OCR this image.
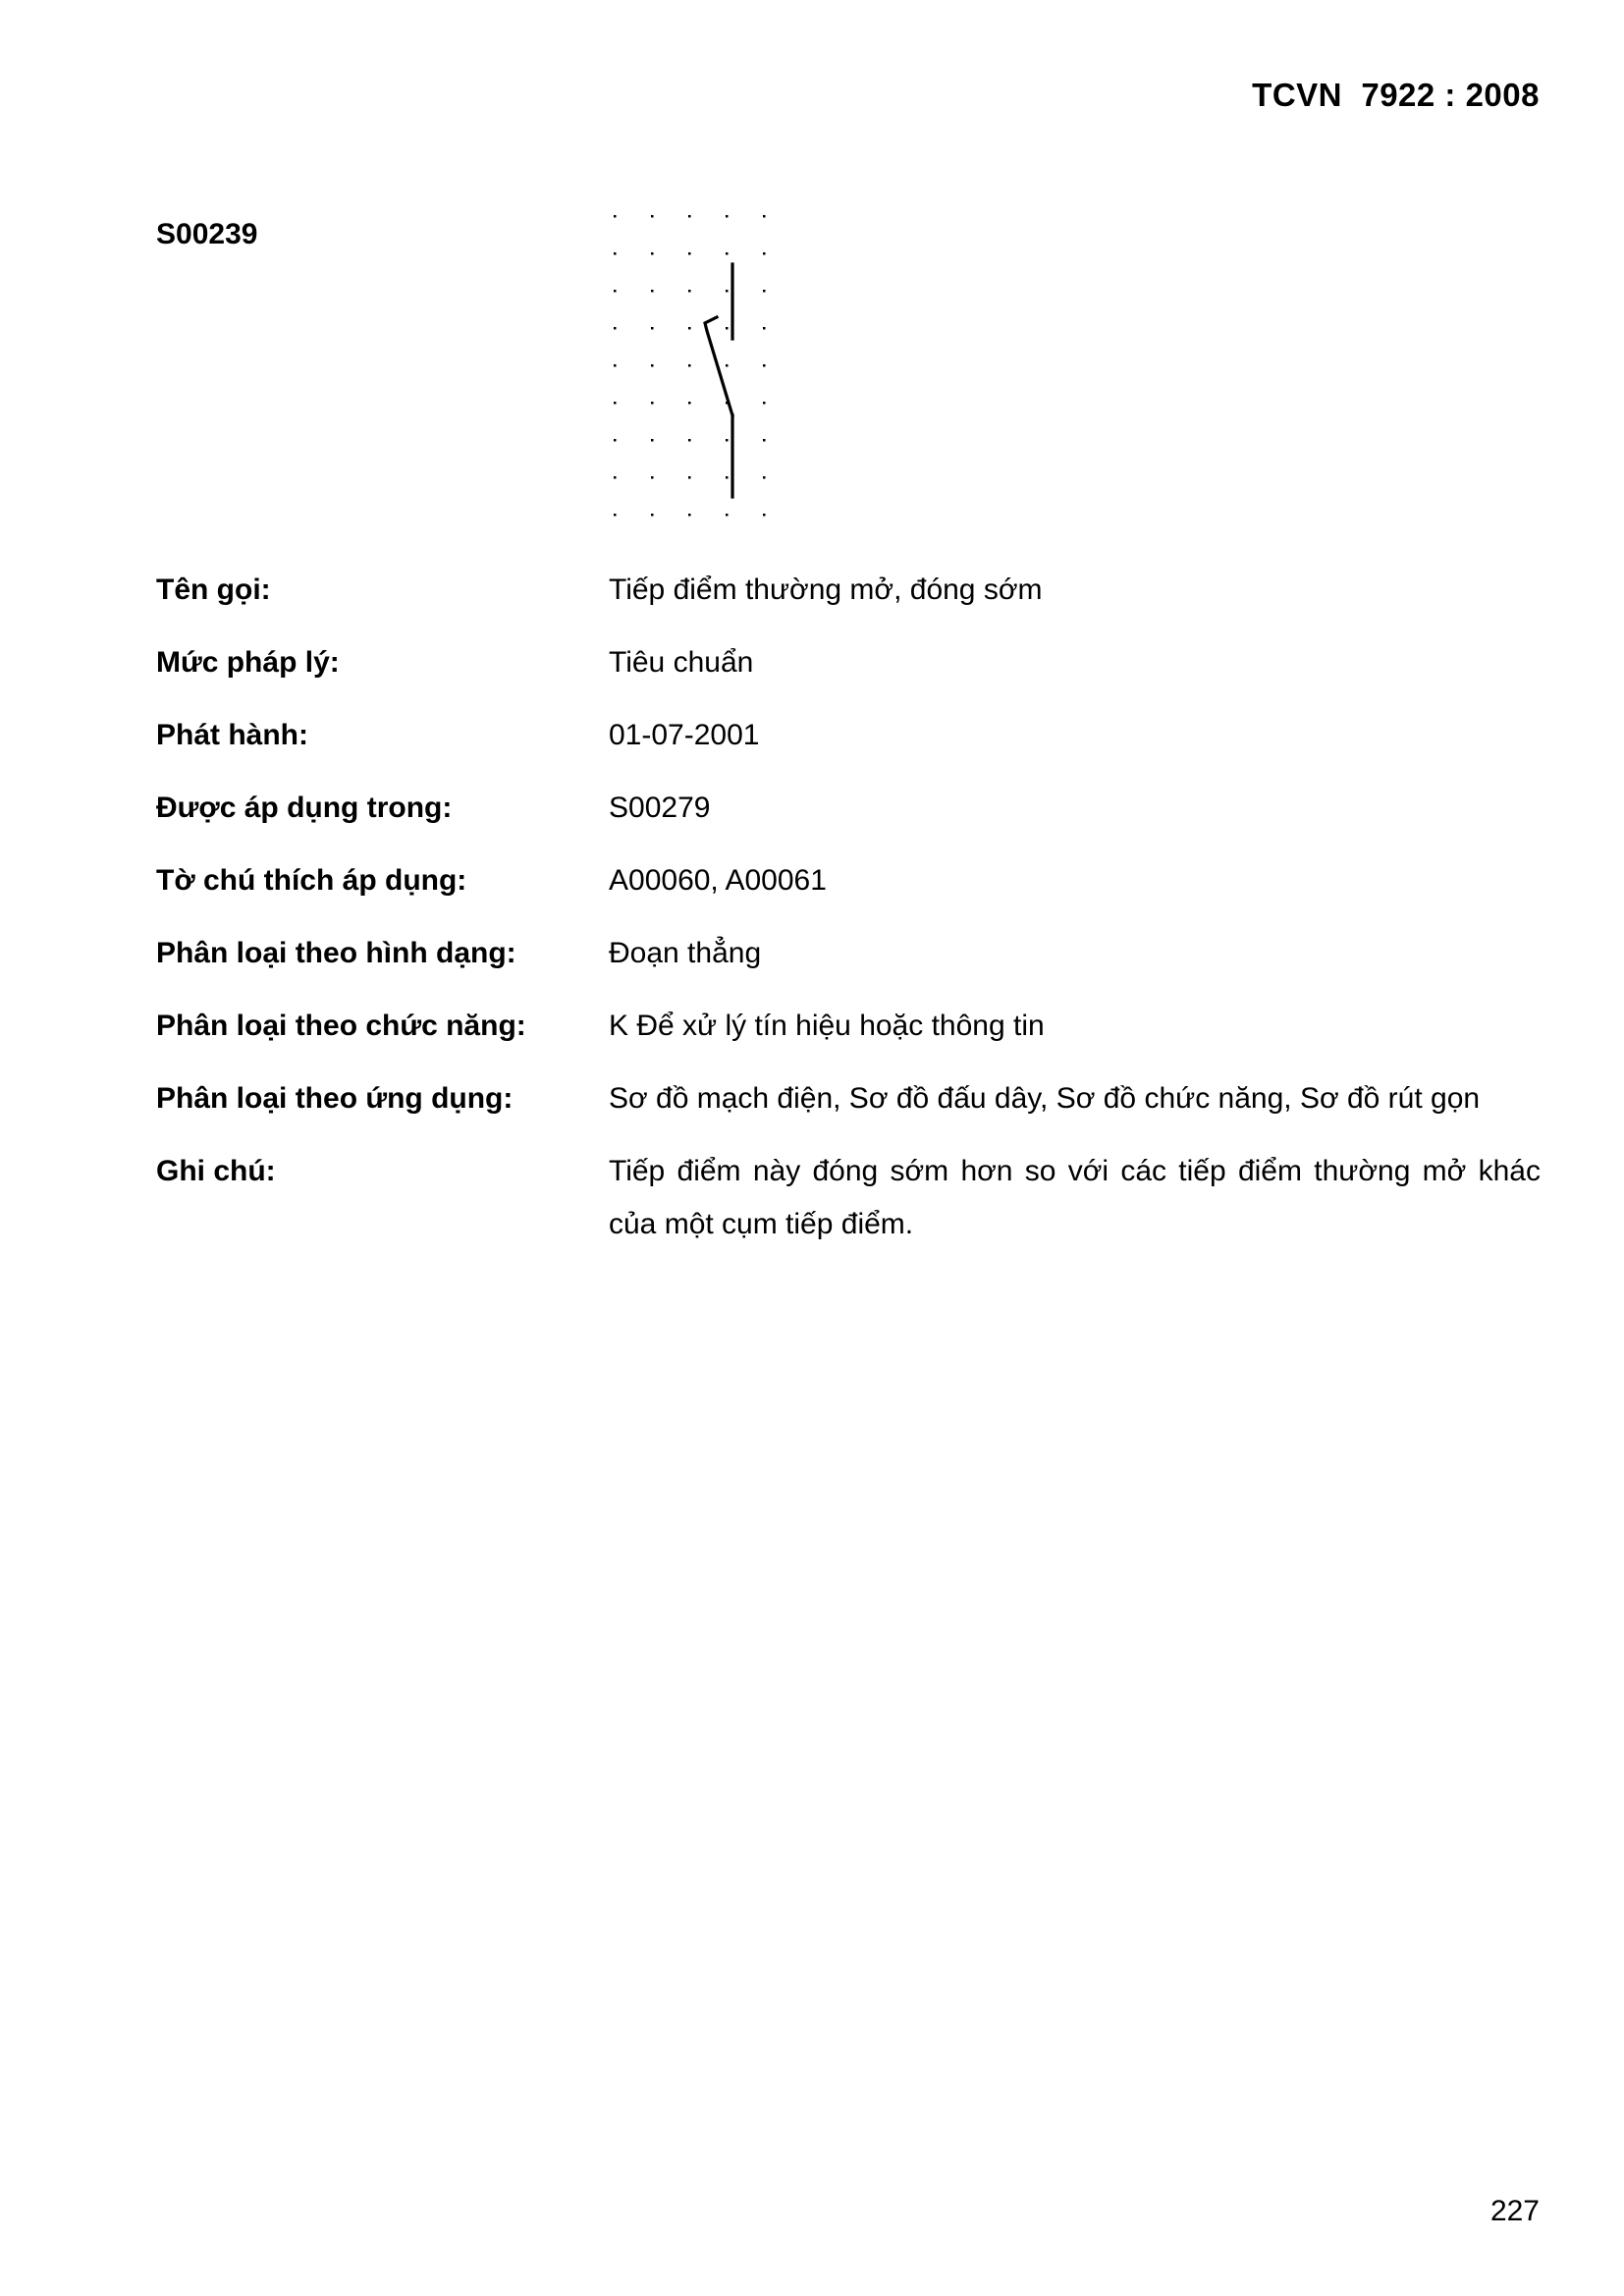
TCVN  7922 : 2008
S00239
Tên gọi:	Tiếp điểm thường mở, đóng sớm
Mức pháp lý:	Tiêu chuẩn
Phát hành:	01-07-2001
Được áp dụng trong:	S00279
Tờ chú thích áp dụng:	A00060, A00061
Phân loại theo hình dạng:	Đoạn thẳng
Phân loại theo chức năng:	K Để xử lý tín hiệu hoặc thông tin
Phân loại theo ứng dụng:	Sơ đồ mạch điện, Sơ đồ đấu dây, Sơ đồ chức năng, Sơ đồ rút gọn
Ghi chú:	Tiếp điểm này đóng sớm hơn so với các tiếp điểm thường mở khác của một cụm tiếp điểm.
227
